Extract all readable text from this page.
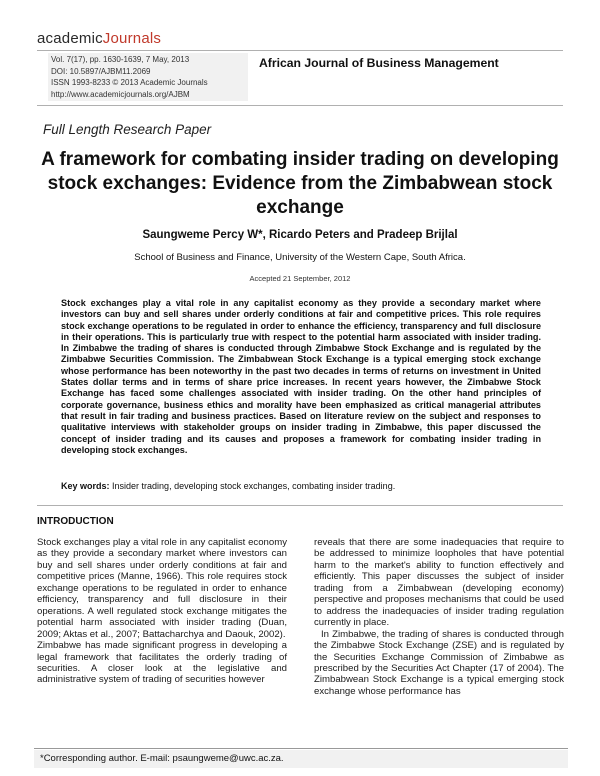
academicJournals
Vol. 7(17), pp. 1630-1639, 7 May, 2013
DOI: 10.5897/AJBM11.2069
ISSN 1993-8233 © 2013 Academic Journals
http://www.academicjournals.org/AJBM
African Journal of Business Management
Full Length Research Paper
A framework for combating insider trading on developing stock exchanges: Evidence from the Zimbabwean stock exchange
Saungweme Percy W*, Ricardo Peters and Pradeep Brijlal
School of Business and Finance, University of the Western Cape, South Africa.
Accepted 21 September, 2012
Stock exchanges play a vital role in any capitalist economy as they provide a secondary market where investors can buy and sell shares under orderly conditions at fair and competitive prices. This role requires stock exchange operations to be regulated in order to enhance the efficiency, transparency and full disclosure in their operations. This is particularly true with respect to the potential harm associated with insider trading. In Zimbabwe the trading of shares is conducted through Zimbabwe Stock Exchange and is regulated by the Zimbabwe Securities Commission. The Zimbabwean Stock Exchange is a typical emerging stock exchange whose performance has been noteworthy in the past two decades in terms of returns on investment in United States dollar terms and in terms of share price increases. In recent years however, the Zimbabwe Stock Exchange has faced some challenges associated with insider trading. On the other hand principles of corporate governance, business ethics and morality have been emphasized as critical managerial attributes that result in fair trading and business practices. Based on literature review on the subject and responses to qualitative interviews with stakeholder groups on insider trading in Zimbabwe, this paper discussed the concept of insider trading and its causes and proposes a framework for combating insider trading in developing stock exchanges.
Key words: Insider trading, developing stock exchanges, combating insider trading.
INTRODUCTION

Stock exchanges play a vital role in any capitalist economy as they provide a secondary market where investors can buy and sell shares under orderly conditions at fair and competitive prices (Manne, 1966). This role requires stock exchange operations to be regulated in order to enhance efficiency, transparency and full disclosure in their operations. A well regulated stock exchange mitigates the potential harm associated with insider trading (Duan, 2009; Aktas et al., 2007; Battacharchya and Daouk, 2002).

Zimbabwe has made significant progress in developing a legal framework that facilitates the orderly trading of securities. A closer look at the legislative and administrative system of trading of securities however

reveals that there are some inadequacies that require to be addressed to minimize loopholes that have potential harm to the market's ability to function effectively and efficiently. This paper discusses the subject of insider trading from a Zimbabwean (developing economy) perspective and proposes mechanisms that could be used to address the inadequacies of insider trading regulation currently in place.

In Zimbabwe, the trading of shares is conducted through the Zimbabwe Stock Exchange (ZSE) and is regulated by the Securities Exchange Commission of Zimbabwe as prescribed by the Securities Act Chapter (17 of 2004). The Zimbabwean Stock Exchange is a typical emerging stock exchange whose performance has

*Corresponding author. E-mail: psaungweme@uwc.ac.za.
